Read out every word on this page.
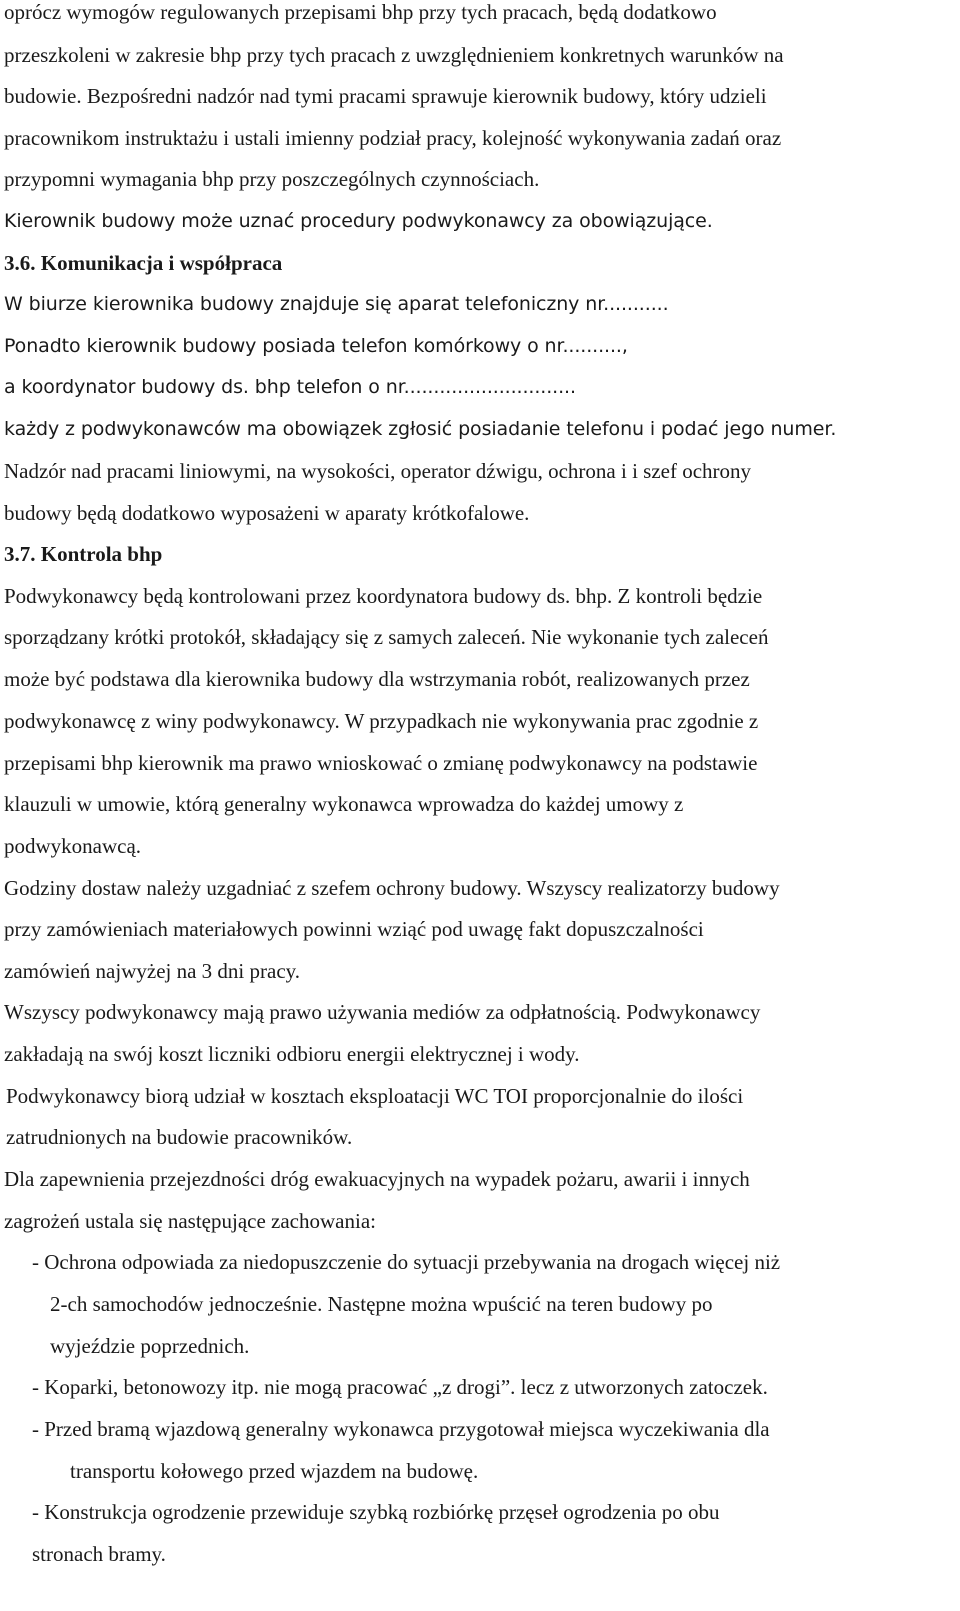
oprócz wymogów regulowanych przepisami bhp przy tych pracach, będą dodatkowo
przeszkoleni w zakresie bhp przy tych pracach z uwzględnieniem konkretnych warunków na
budowie. Bezpośredni nadzór nad tymi pracami sprawuje kierownik budowy, który udzieli
pracownikom instruktażu i ustali imienny podział pracy, kolejność wykonywania zadań oraz
przypomni wymagania bhp przy poszczególnych czynnościach.
Kierownik budowy może uznać procedury podwykonawcy za obowiązujące.
3.6. Komunikacja i współpraca
W biurze kierownika budowy znajduje się aparat telefoniczny nr...........
Ponadto kierownik budowy posiada telefon komórkowy o nr..........,
a koordynator budowy ds. bhp telefon o nr.............................
każdy z podwykonawców ma obowiązek zgłosić posiadanie telefonu i podać jego numer.
Nadzór nad pracami liniowymi, na wysokości, operator dźwigu, ochrona i i szef ochrony
budowy będą dodatkowo wyposażeni w aparaty krótkofalowe.
3.7. Kontrola bhp
Podwykonawcy będą kontrolowani przez koordynatora budowy ds. bhp. Z kontroli będzie
sporządzany krótki protokół, składający się z samych zaleceń. Nie wykonanie tych zaleceń
może być podstawa dla kierownika budowy dla wstrzymania robót, realizowanych przez
podwykonawcę z winy podwykonawcy. W przypadkach nie wykonywania prac zgodnie z
przepisami bhp kierownik ma prawo wnioskować o zmianę podwykonawcy na podstawie
klauzuli w umowie, którą generalny wykonawca wprowadza do każdej umowy z
podwykonawcą.
Godziny dostaw należy uzgadniać z szefem ochrony budowy. Wszyscy realizatorzy budowy
przy zamówieniach materiałowych powinni wziąć pod uwagę fakt dopuszczalności
zamówień najwyżej na 3 dni pracy.
Wszyscy podwykonawcy mają prawo używania mediów za odpłatnością. Podwykonawcy
zakładają na swój koszt liczniki odbioru energii elektrycznej i wody.
Podwykonawcy biorą udział w kosztach eksploatacji WC TOI proporcjonalnie do ilości
zatrudnionych na budowie pracowników.
Dla zapewnienia przejezdności dróg ewakuacyjnych na wypadek pożaru, awarii i innych
zagrożeń ustala się następujące zachowania:
- Ochrona odpowiada za niedopuszczenie do sytuacji przebywania na drogach więcej niż
2-ch samochodów jednocześnie. Następne można wpuścić na teren budowy po
wyjeździe poprzednich.
- Koparki, betonowozy itp. nie mogą pracować „z drogi”. lecz z utworzonych zatoczek.
- Przed bramą wjazdową generalny wykonawca przygotował miejsca wyczekiwania dla
transportu kołowego przed wjazdem na budowę.
- Konstrukcja ogrodzenie przewiduje szybką rozbiórkę przęseł ogrodzenia po obu
stronach bramy.
